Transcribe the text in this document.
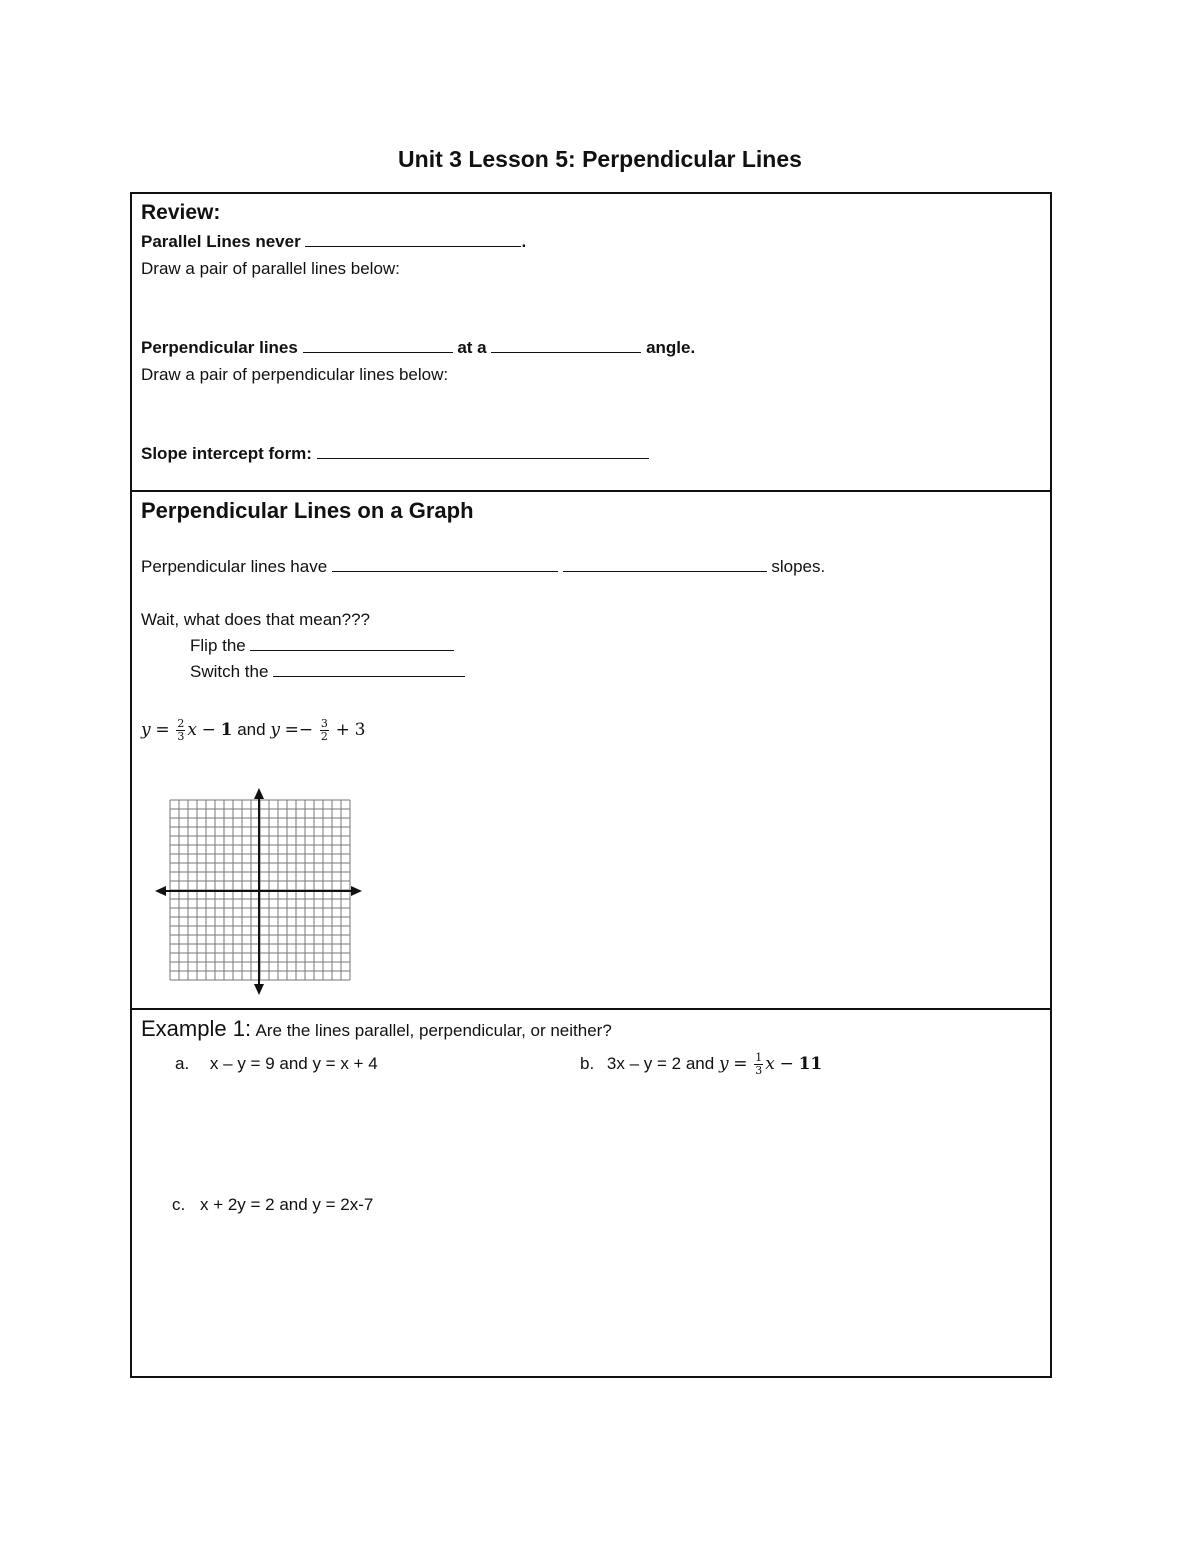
Unit 3 Lesson 5: Perpendicular Lines
Review:
Parallel Lines never	.
Draw a pair of parallel lines below:
Perpendicular lines	at a	angle.
Draw a pair of perpendicular lines below:
Slope intercept form:
Perpendicular Lines on a Graph
Perpendicular lines have	slopes.
Wait, what does that mean???
Flip the
Switch the
$y = \frac{2}{3}$ x − 1 and $y =- \frac{3}{2} + 3$
Example 1: Are the lines parallel, perpendicular, or neither?
a. x – y = 9 and y = x + 4	b. 3x – y = 2 and $y = \frac{1}{3}$ x − 11
c. x + 2y = 2 and y = 2x-7
